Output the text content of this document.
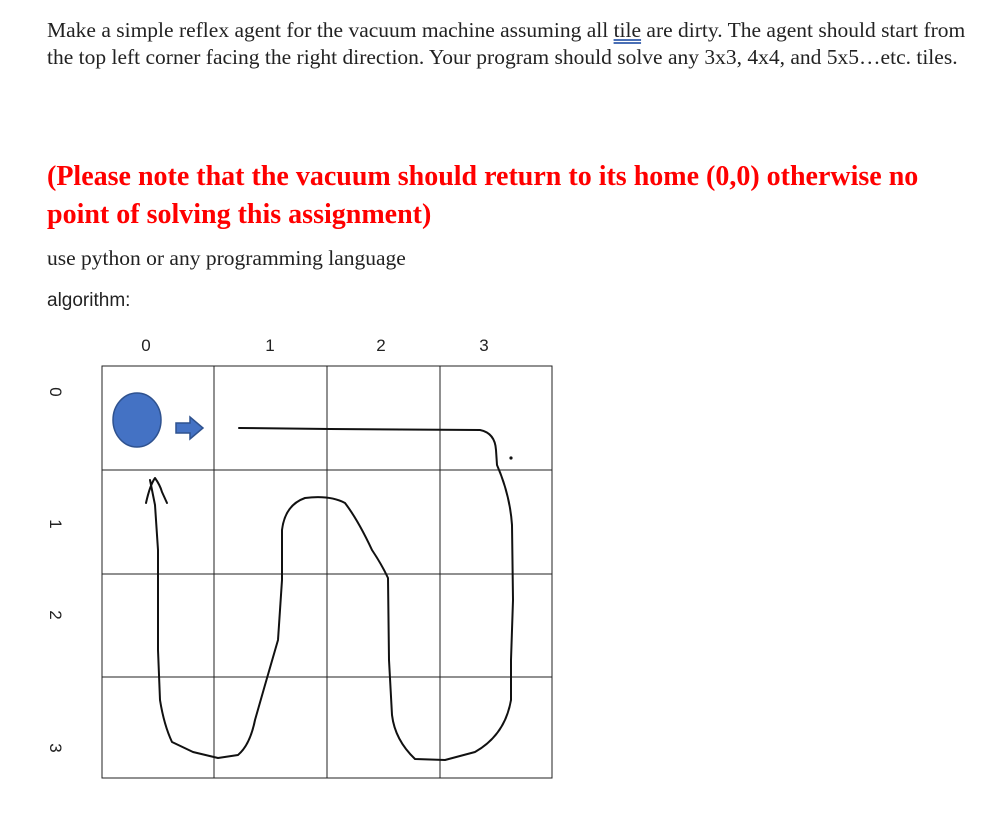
Make a simple reflex agent for the vacuum machine assuming all tile are dirty. The agent should start from the top left corner facing the right direction. Your program should solve any 3x3, 4x4, and 5x5…etc. tiles.
(Please note that the vacuum should return to its home (0,0) otherwise no point of solving this assignment)
use python or any programming language
algorithm:
0	1	2	3
0
1
2
3
